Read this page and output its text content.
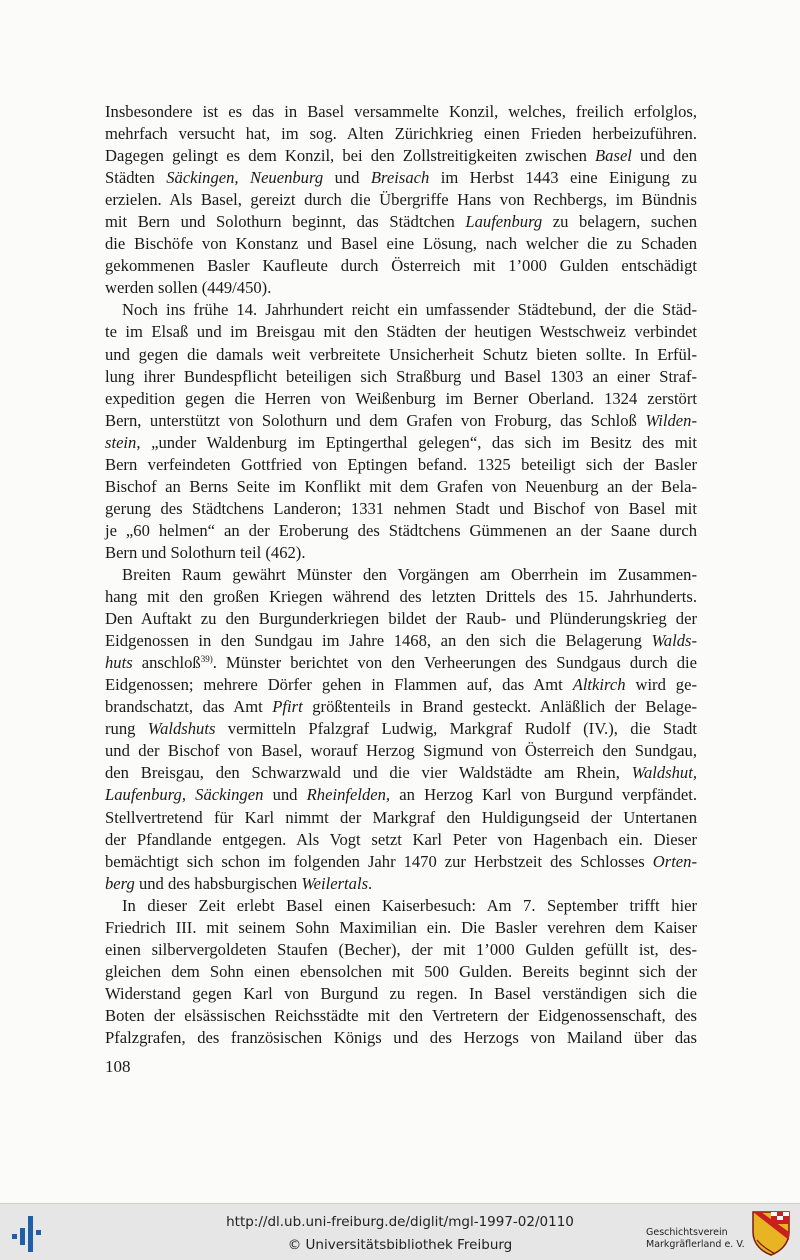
Insbesondere ist es das in Basel versammelte Konzil, welches, freilich erfolglos,
mehrfach versucht hat, im sog. Alten Zürichkrieg einen Frieden herbeizuführen.
Dagegen gelingt es dem Konzil, bei den Zollstreitigkeiten zwischen Basel und den
Städten Säckingen, Neuenburg und Breisach im Herbst 1443 eine Einigung zu
erzielen. Als Basel, gereizt durch die Übergriffe Hans von Rechbergs, im Bündnis
mit Bern und Solothurn beginnt, das Städtchen Laufenburg zu belagern, suchen
die Bischöfe von Konstanz und Basel eine Lösung, nach welcher die zu Schaden
gekommenen Basler Kaufleute durch Österreich mit 1’000 Gulden entschädigt
werden sollen (449/450).
Noch ins frühe 14. Jahrhundert reicht ein umfassender Städtebund, der die Städ-
te im Elsaß und im Breisgau mit den Städten der heutigen Westschweiz verbindet
und gegen die damals weit verbreitete Unsicherheit Schutz bieten sollte. In Erfül-
lung ihrer Bundespflicht beteiligen sich Straßburg und Basel 1303 an einer Straf-
expedition gegen die Herren von Weißenburg im Berner Oberland. 1324 zerstört
Bern, unterstützt von Solothurn und dem Grafen von Froburg, das Schloß Wilden-
stein, „under Waldenburg im Eptingerthal gelegen“, das sich im Besitz des mit
Bern verfeindeten Gottfried von Eptingen befand. 1325 beteiligt sich der Basler
Bischof an Berns Seite im Konflikt mit dem Grafen von Neuenburg an der Bela-
gerung des Städtchens Landeron; 1331 nehmen Stadt und Bischof von Basel mit
je „60 helmen“ an der Eroberung des Städtchens Gümmenen an der Saane durch
Bern und Solothurn teil (462).
Breiten Raum gewährt Münster den Vorgängen am Oberrhein im Zusammen-
hang mit den großen Kriegen während des letzten Drittels des 15. Jahrhunderts.
Den Auftakt zu den Burgunderkriegen bildet der Raub- und Plünderungskrieg der
Eidgenossen in den Sundgau im Jahre 1468, an den sich die Belagerung Walds-
huts anschloß$^{39)}$. Münster berichtet von den Verheerungen des Sundgaus durch die
Eidgenossen; mehrere Dörfer gehen in Flammen auf, das Amt Altkirch wird ge-
brandschatzt, das Amt Pfirt größtenteils in Brand gesteckt. Anläßlich der Belage-
rung Waldshuts vermitteln Pfalzgraf Ludwig, Markgraf Rudolf (IV.), die Stadt
und der Bischof von Basel, worauf Herzog Sigmund von Österreich den Sundgau,
den Breisgau, den Schwarzwald und die vier Waldstädte am Rhein, Waldshut,
Laufenburg, Säckingen und Rheinfelden, an Herzog Karl von Burgund verpfändet.
Stellvertretend für Karl nimmt der Markgraf den Huldigungseid der Untertanen
der Pfandlande entgegen. Als Vogt setzt Karl Peter von Hagenbach ein. Dieser
bemächtigt sich schon im folgenden Jahr 1470 zur Herbstzeit des Schlosses Orten-
berg und des habsburgischen Weilertals.
In dieser Zeit erlebt Basel einen Kaiserbesuch: Am 7. September trifft hier
Friedrich III. mit seinem Sohn Maximilian ein. Die Basler verehren dem Kaiser
einen silbervergoldeten Staufen (Becher), der mit 1’000 Gulden gefüllt ist, des-
gleichen dem Sohn einen ebensolchen mit 500 Gulden. Bereits beginnt sich der
Widerstand gegen Karl von Burgund zu regen. In Basel verständigen sich die
Boten der elsässischen Reichsstädte mit den Vertretern der Eidgenossenschaft, des
Pfalzgrafen, des französischen Königs und des Herzogs von Mailand über das
108
http://dl.ub.uni-freiburg.de/diglit/mgl-1997-02/0110
© Universitätsbibliothek Freiburg
Geschichtsverein
Markgräflerland e. V.
